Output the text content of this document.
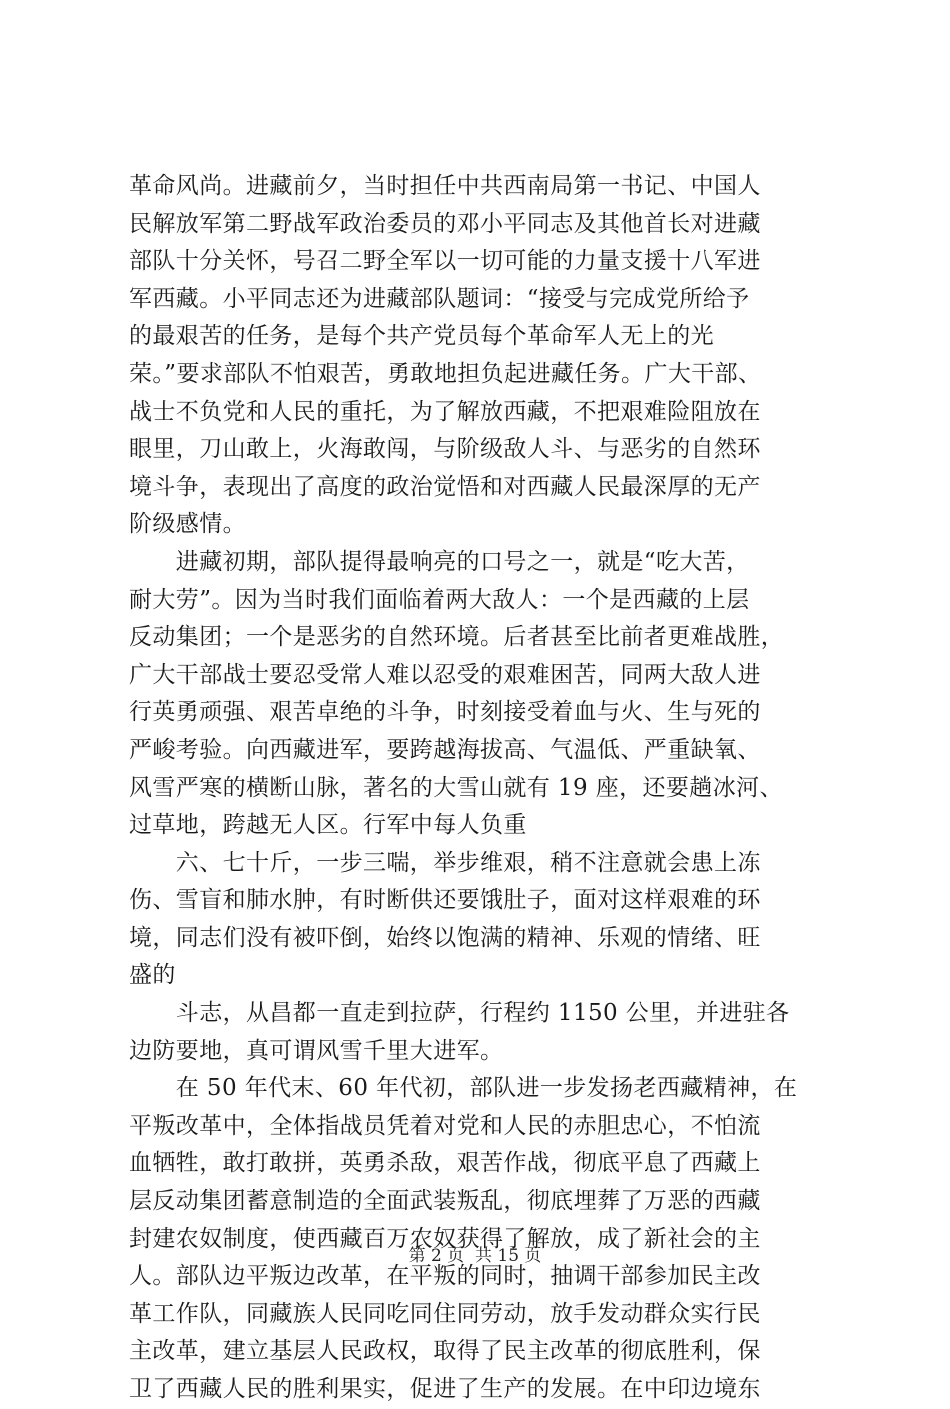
革命风尚。进藏前夕，当时担任中共西南局第一书记、中国人
民解放军第二野战军政治委员的邓小平同志及其他首长对进藏
部队十分关怀，号召二野全军以一切可能的力量支援十八军进
军西藏。小平同志还为进藏部队题词：“接受与完成党所给予
的最艰苦的任务，是每个共产党员每个革命军人无上的光
荣。”要求部队不怕艰苦，勇敢地担负起进藏任务。广大干部、
战士不负党和人民的重托，为了解放西藏，不把艰难险阻放在
眼里，刀山敢上，火海敢闯，与阶级敌人斗、与恶劣的自然环
境斗争，表现出了高度的政治觉悟和对西藏人民最深厚的无产
阶级感情。
　　进藏初期，部队提得最响亮的口号之一，就是“吃大苦，
耐大劳”。因为当时我们面临着两大敌人：一个是西藏的上层
反动集团；一个是恶劣的自然环境。后者甚至比前者更难战胜，
广大干部战士要忍受常人难以忍受的艰难困苦，同两大敌人进
行英勇顽强、艰苦卓绝的斗争，时刻接受着血与火、生与死的
严峻考验。向西藏进军，要跨越海拔高、气温低、严重缺氧、
风雪严寒的横断山脉，著名的大雪山就有 19 座，还要趟冰河、
过草地，跨越无人区。行军中每人负重
　　六、七十斤，一步三喘，举步维艰，稍不注意就会患上冻
伤、雪盲和肺水肿，有时断供还要饿肚子，面对这样艰难的环
境，同志们没有被吓倒，始终以饱满的精神、乐观的情绪、旺
盛的
　　斗志，从昌都一直走到拉萨，行程约 1150 公里，并进驻各
边防要地，真可谓风雪千里大进军。
　　在 50 年代末、60 年代初，部队进一步发扬老西藏精神，在
平叛改革中，全体指战员凭着对党和人民的赤胆忠心，不怕流
血牺牲，敢打敢拼，英勇杀敌，艰苦作战，彻底平息了西藏上
层反动集团蓄意制造的全面武装叛乱，彻底埋葬了万恶的西藏
封建农奴制度，使西藏百万农奴获得了解放，成了新社会的主
人。部队边平叛边改革，在平叛的同时，抽调干部参加民主改
革工作队，同藏族人民同吃同住同劳动，放手发动群众实行民
主改革，建立基层人民政权，取得了民主改革的彻底胜利，保
卫了西藏人民的胜利果实，促进了生产的发展。在中印边境东
第 2 页  共 15 页
